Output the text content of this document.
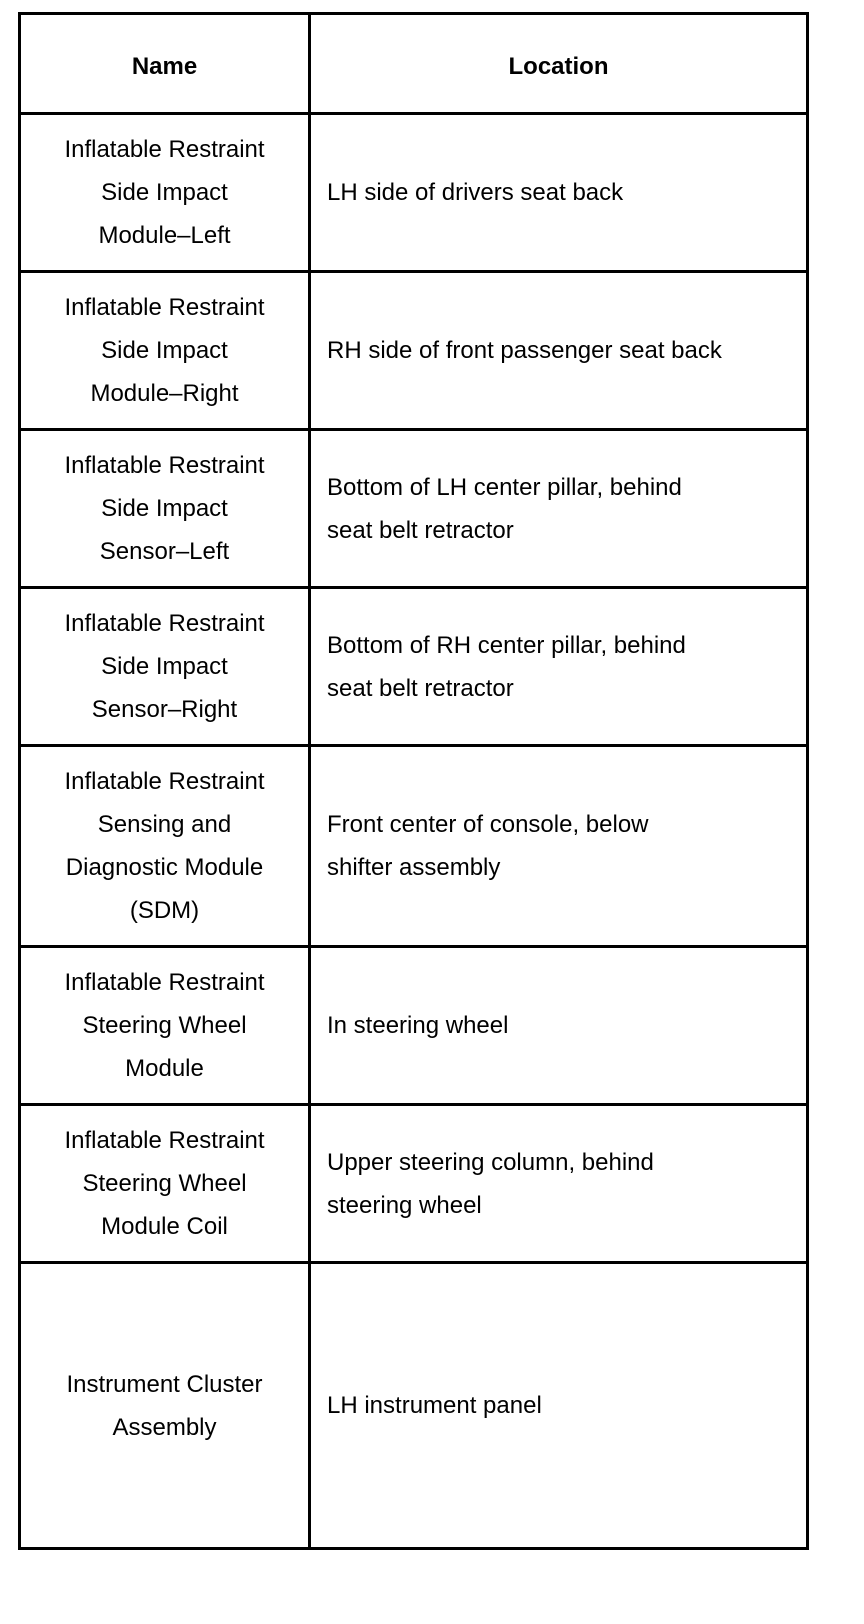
Name	Location

Inflatable Restraint
Side Impact
Module–Left	LH side of drivers seat back

Inflatable Restraint
Side Impact
Module–Right	RH side of front passenger seat back

Inflatable Restraint
Side Impact
Sensor–Left	Bottom of LH center pillar, behind
seat belt retractor

Inflatable Restraint
Side Impact
Sensor–Right	Bottom of RH center pillar, behind
seat belt retractor

Inflatable Restraint
Sensing and
Diagnostic Module
(SDM)	Front center of console, below
shifter assembly

Inflatable Restraint
Steering Wheel
Module	In steering wheel

Inflatable Restraint
Steering Wheel
Module Coil	Upper steering column, behind
steering wheel

Instrument Cluster
Assembly	LH instrument panel
